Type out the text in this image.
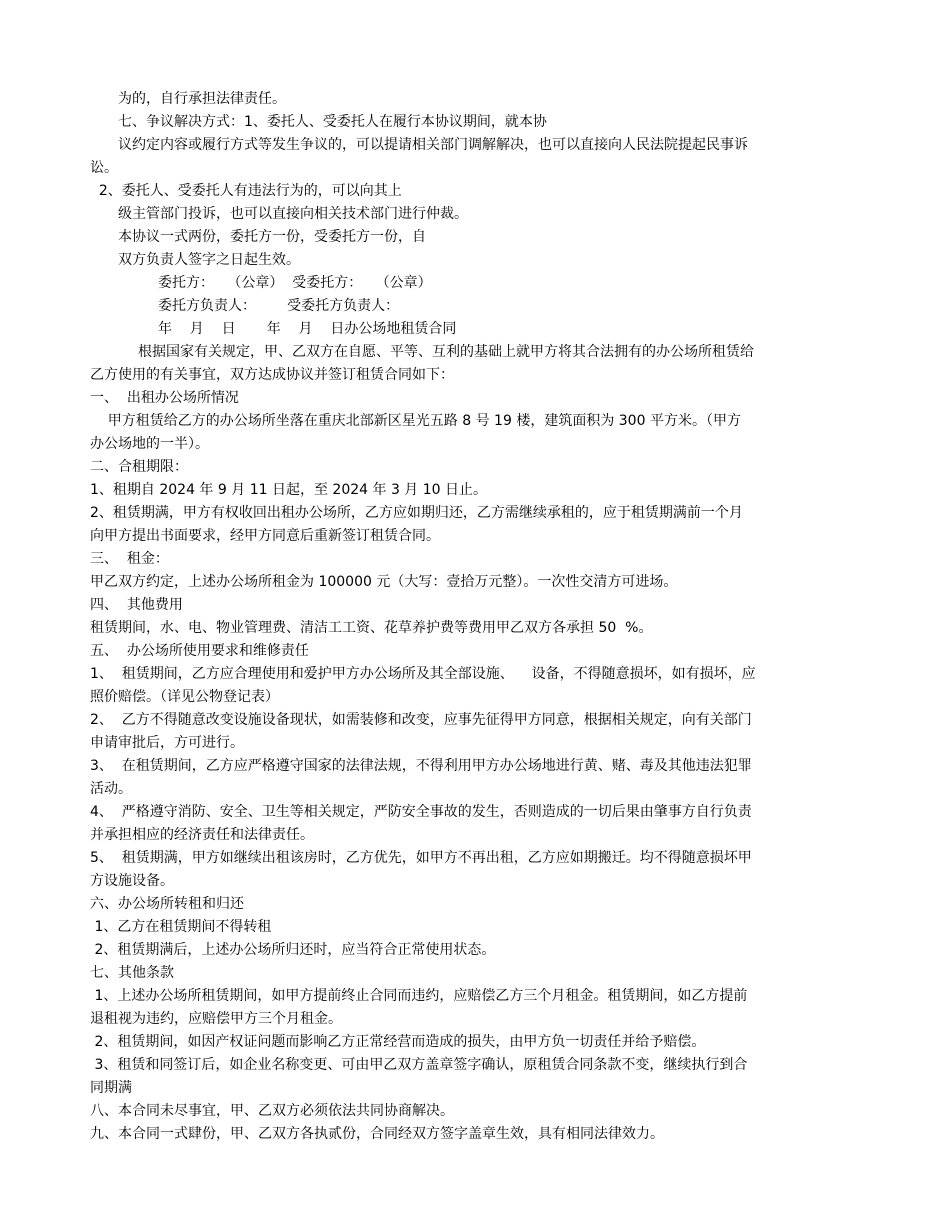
为的，自行承担法律责任。
七、争议解决方式：1、委托人、受委托人在履行本协议期间，就本协
议约定内容或履行方式等发生争议的，可以提请相关部门调解解决，也可以直接向人民法院提起民事诉
讼。
2、委托人、受委托人有违法行为的，可以向其上
级主管部门投诉，也可以直接向相关技术部门进行仲裁。
本协议一式两份，委托方一份，受委托方一份，自
双方负责人签字之日起生效。
委托方：   （公章）  受委托方：   （公章）
委托方负责人：       受委托方负责人：
年    月    日       年    月    日办公场地租赁合同
根据国家有关规定，甲、乙双方在自愿、平等、互利的基础上就甲方将其合法拥有的办公场所租赁给
乙方使用的有关事宜，双方达成协议并签订租赁合同如下：
一、  出租办公场所情况
甲方租赁给乙方的办公场所坐落在重庆北部新区星光五路 8 号 19 楼，建筑面积为 300 平方米。（甲方
办公场地的一半）。
二、合租期限：
1、租期自 2024 年 9 月 11 日起，至 2024 年 3 月 10 日止。
2、租赁期满，甲方有权收回出租办公场所，乙方应如期归还，乙方需继续承租的，应于租赁期满前一个月
向甲方提出书面要求，经甲方同意后重新签订租赁合同。
三、  租金：
甲乙双方约定，上述办公场所租金为 100000 元（大写：壹拾万元整）。一次性交清方可进场。
四、  其他费用
租赁期间，水、电、物业管理费、清洁工工资、花草养护费等费用甲乙双方各承担 50  %。
五、  办公场所使用要求和维修责任
1、  租赁期间，乙方应合理使用和爱护甲方办公场所及其全部设施、    设备，不得随意损坏，如有损坏，应
照价赔偿。（详见公物登记表）
2、  乙方不得随意改变设施设备现状，如需装修和改变，应事先征得甲方同意，根据相关规定，向有关部门
申请审批后，方可进行。
3、  在租赁期间，乙方应严格遵守国家的法律法规，不得利用甲方办公场地进行黄、赌、毒及其他违法犯罪
活动。
4、  严格遵守消防、安全、卫生等相关规定，严防安全事故的发生，否则造成的一切后果由肇事方自行负责
并承担相应的经济责任和法律责任。
5、  租赁期满，甲方如继续出租该房时，乙方优先，如甲方不再出租，乙方应如期搬迁。均不得随意损坏甲
方设施设备。
六、办公场所转租和归还
1、乙方在租赁期间不得转租
2、租赁期满后，上述办公场所归还时，应当符合正常使用状态。
七、其他条款
1、上述办公场所租赁期间，如甲方提前终止合同而违约，应赔偿乙方三个月租金。租赁期间，如乙方提前
退租视为违约，应赔偿甲方三个月租金。
2、租赁期间，如因产权证问题而影响乙方正常经营而造成的损失，由甲方负一切责任并给予赔偿。
3、租赁和同签订后，如企业名称变更、可由甲乙双方盖章签字确认，原租赁合同条款不变，继续执行到合
同期满
八、本合同未尽事宜，甲、乙双方必须依法共同协商解决。
九、本合同一式肆份，甲、乙双方各执贰份，合同经双方签字盖章生效，具有相同法律效力。
